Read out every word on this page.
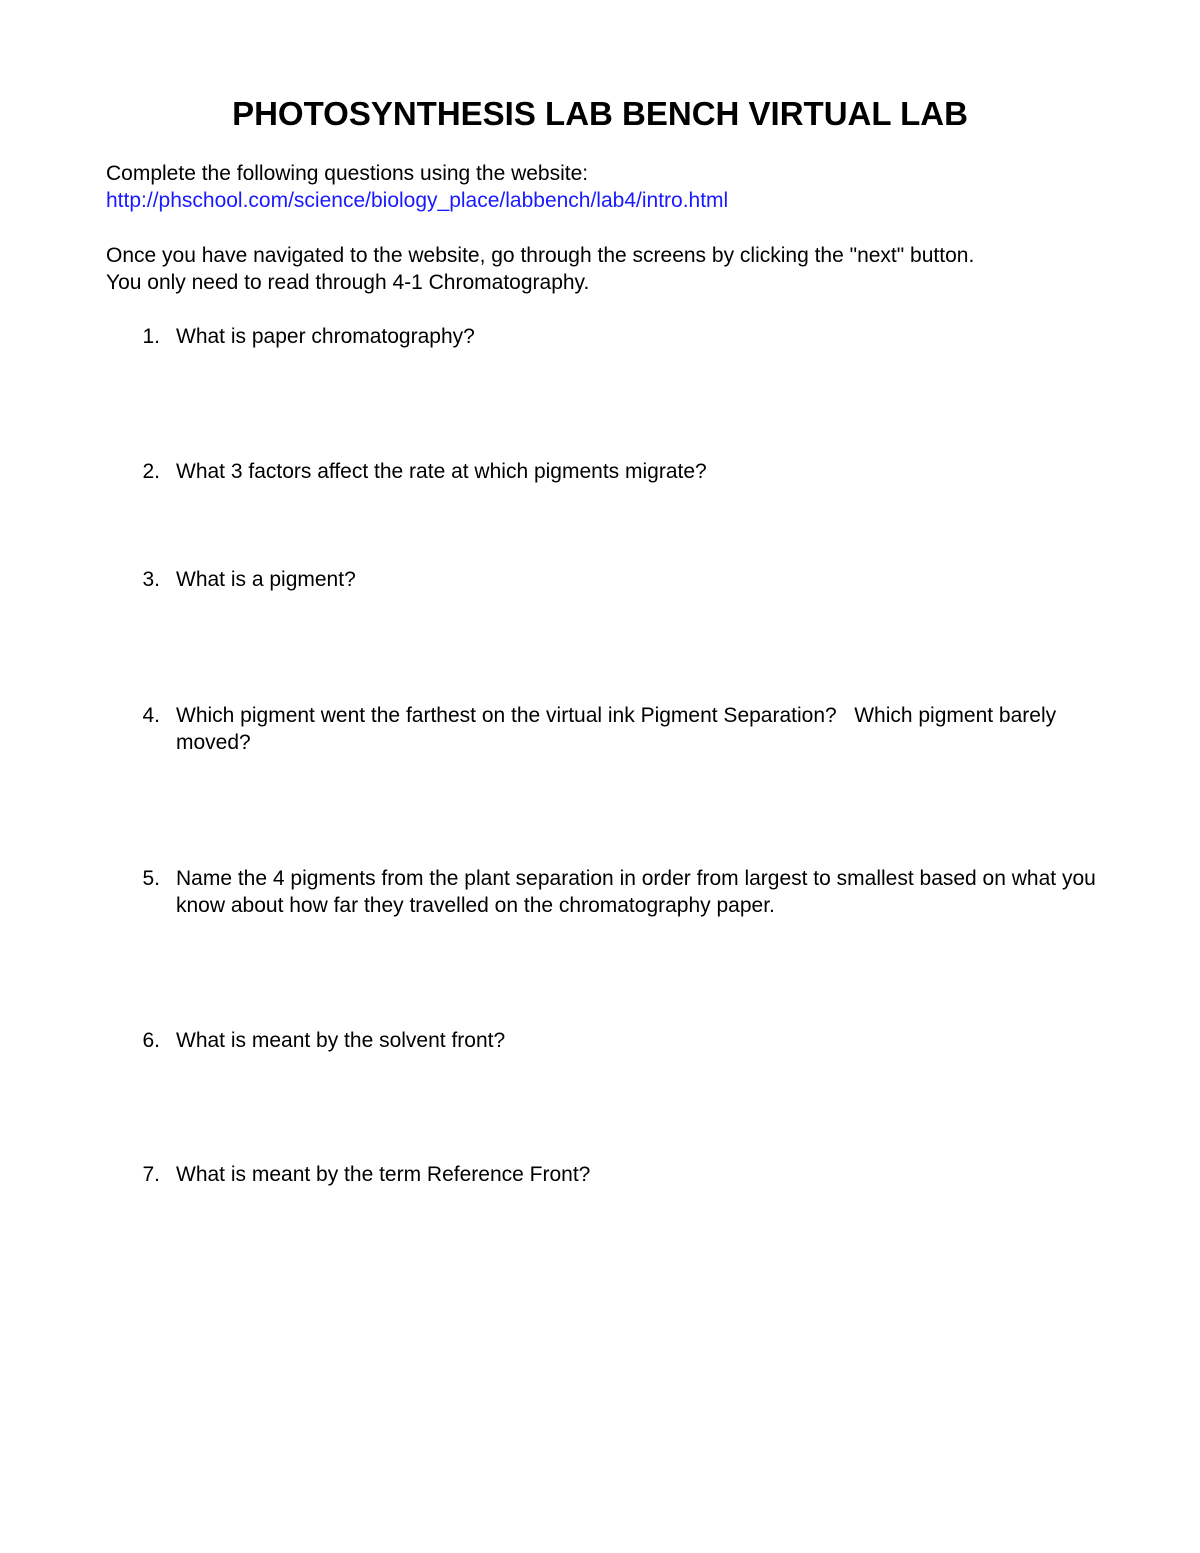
PHOTOSYNTHESIS LAB BENCH VIRTUAL LAB
Complete the following questions using the website:
http://phschool.com/science/biology_place/labbench/lab4/intro.html
Once you have navigated to the website, go through the screens by clicking the "next" button.
You only need to read through 4-1 Chromatography.
1. What is paper chromatography?
2. What 3 factors affect the rate at which pigments migrate?
3. What is a pigment?
4. Which pigment went the farthest on the virtual ink Pigment Separation?   Which pigment barely moved?
5. Name the 4 pigments from the plant separation in order from largest to smallest based on what you know about how far they travelled on the chromatography paper.
6. What is meant by the solvent front?
7. What is meant by the term Reference Front?
